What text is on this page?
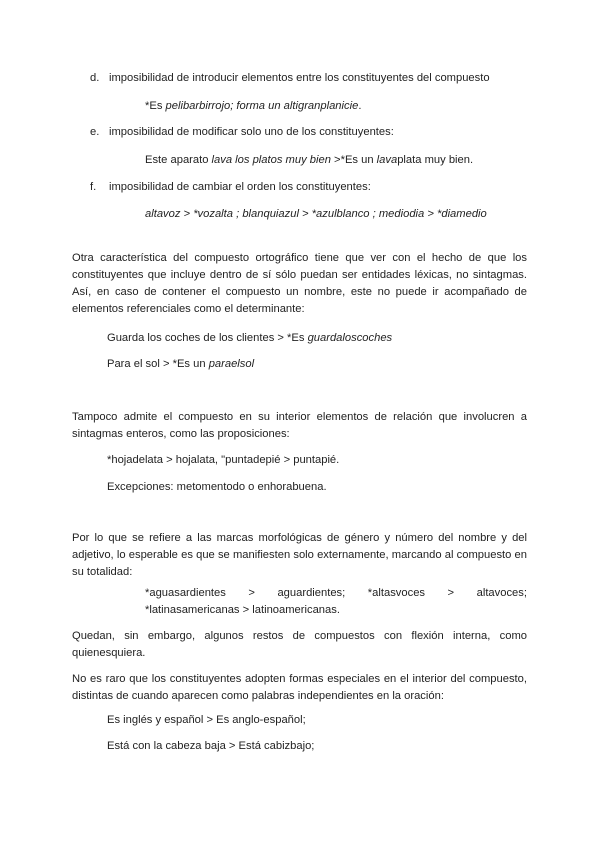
d. imposibilidad de introducir elementos entre los constituyentes del compuesto
*Es pelibarbirrojo; forma un altigranplanicie.
e. imposibilidad de modificar solo uno de los constituyentes:
Este aparato lava los platos muy bien >*Es un lavaplata muy bien.
f. imposibilidad de cambiar el orden los constituyentes:
altavoz > *vozalta ; blanquiazul > *azulblanco ; mediodia > *diamedio

Otra característica del compuesto ortográfico tiene que ver con el hecho de que los constituyentes que incluye dentro de sí sólo puedan ser entidades léxicas, no sintagmas. Así, en caso de contener el compuesto un nombre, este no puede ir acompañado de elementos referenciales como el determinante:

Guarda los coches de los clientes > *Es guardaloscoches
Para el sol > *Es un paraelsol

Tampoco admite el compuesto en su interior elementos de relación que involucren a sintagmas enteros, como las proposiciones:

*hojadelata > hojalata, "puntadepié > puntapié.
Excepciones: metomentodo o enhorabuena.

Por lo que se refiere a las marcas morfológicas de género y número del nombre y del adjetivo, lo esperable es que se manifiesten solo externamente, marcando al compuesto en su totalidad:

*aguasardientes > aguardientes; *altasvoces > altavoces; *latinasamericanas > latinoamericanas.

Quedan, sin embargo, algunos restos de compuestos con flexión interna, como quienesquiera.

No es raro que los constituyentes adopten formas especiales en el interior del compuesto, distintas de cuando aparecen como palabras independientes en la oración:

Es inglés y español > Es anglo-español;
Está con la cabeza baja > Está cabizbajo;
